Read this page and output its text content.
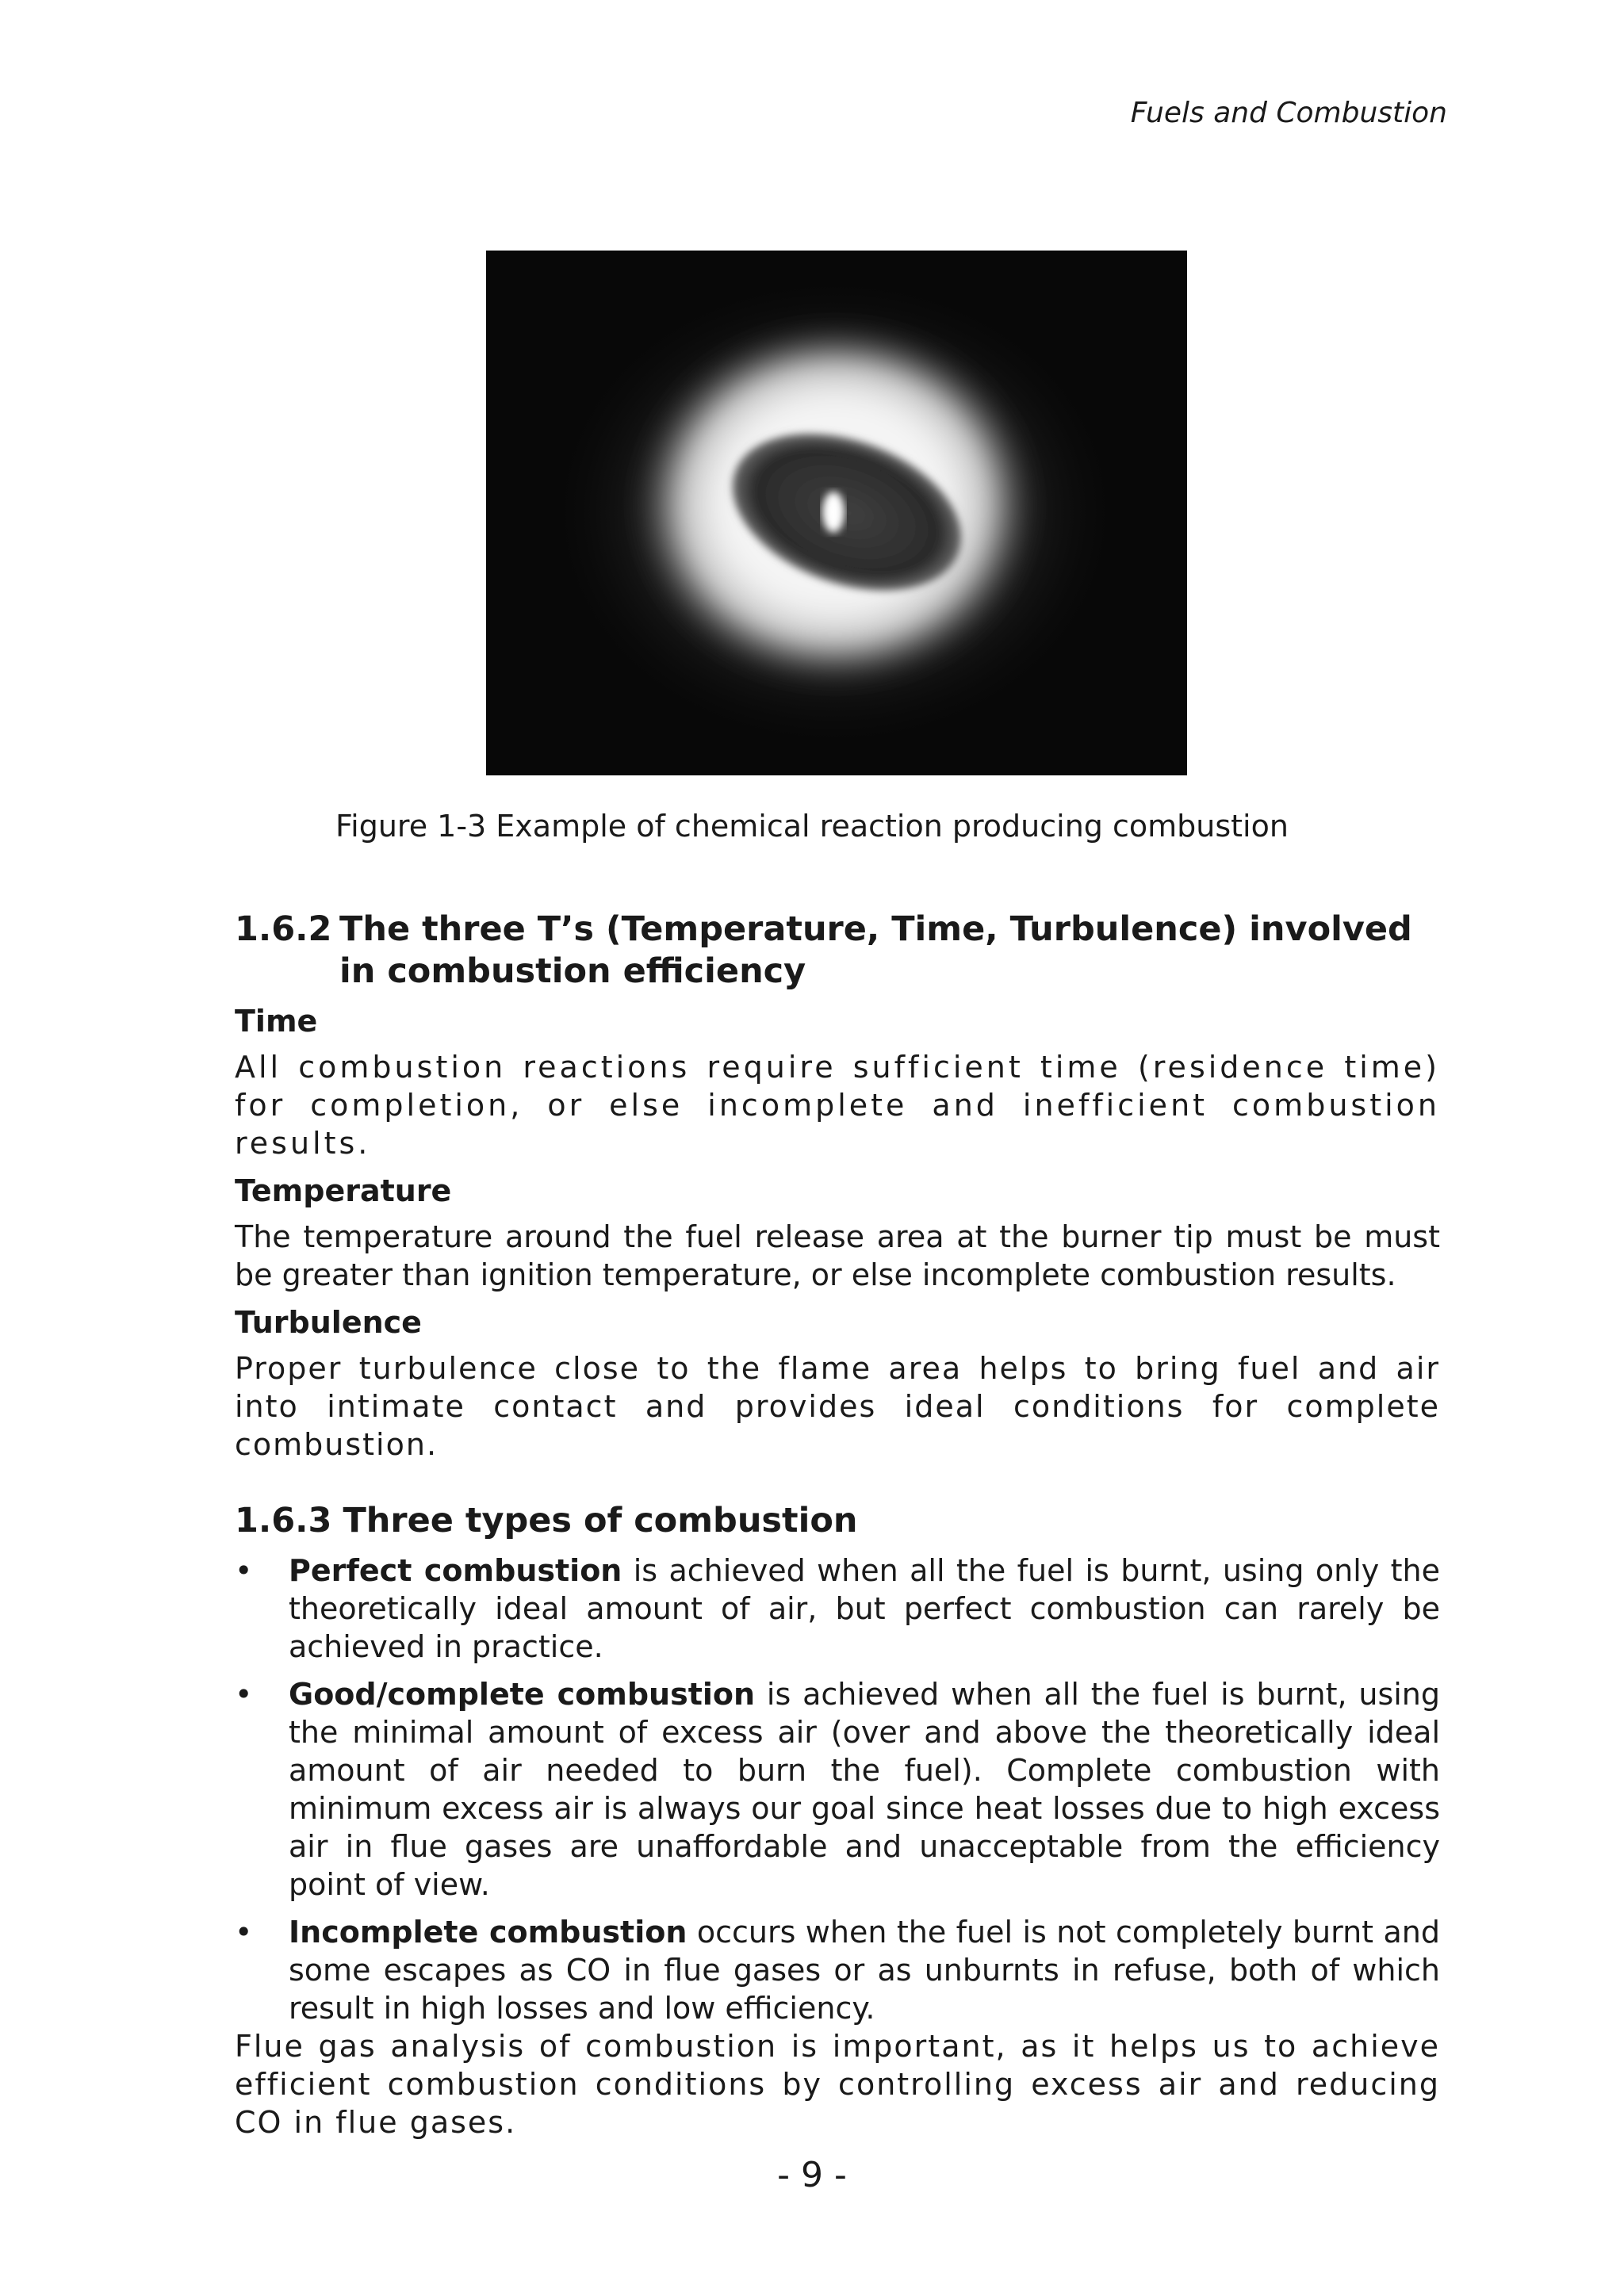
Fuels and Combustion
Figure 1-3 Example of chemical reaction producing combustion
1.6.2 The three T’s (Temperature, Time, Turbulence) involved in combustion efficiency
Time

All combustion reactions require sufficient time (residence time) for completion, or else incomplete and inefficient combustion results.

Temperature

The temperature around the fuel release area at the burner tip must be must be greater than ignition temperature, or else incomplete combustion results.

Turbulence

Proper turbulence close to the flame area helps to bring fuel and air into intimate contact and provides ideal conditions for complete combustion.

1.6.3 Three types of combustion
• Perfect combustion is achieved when all the fuel is burnt, using only the theoretically ideal amount of air, but perfect combustion can rarely be achieved in practice.
• Good/complete combustion is achieved when all the fuel is burnt, using the minimal amount of excess air (over and above the theoretically ideal amount of air needed to burn the fuel). Complete combustion with minimum excess air is always our goal since heat losses due to high excess air in flue gases are unaffordable and unacceptable from the efficiency point of view.
• Incomplete combustion occurs when the fuel is not completely burnt and some escapes as CO in flue gases or as unburnts in refuse, both of which result in high losses and low efficiency.

Flue gas analysis of combustion is important, as it helps us to achieve efficient combustion conditions by controlling excess air and reducing CO in flue gases.

- 9 -
